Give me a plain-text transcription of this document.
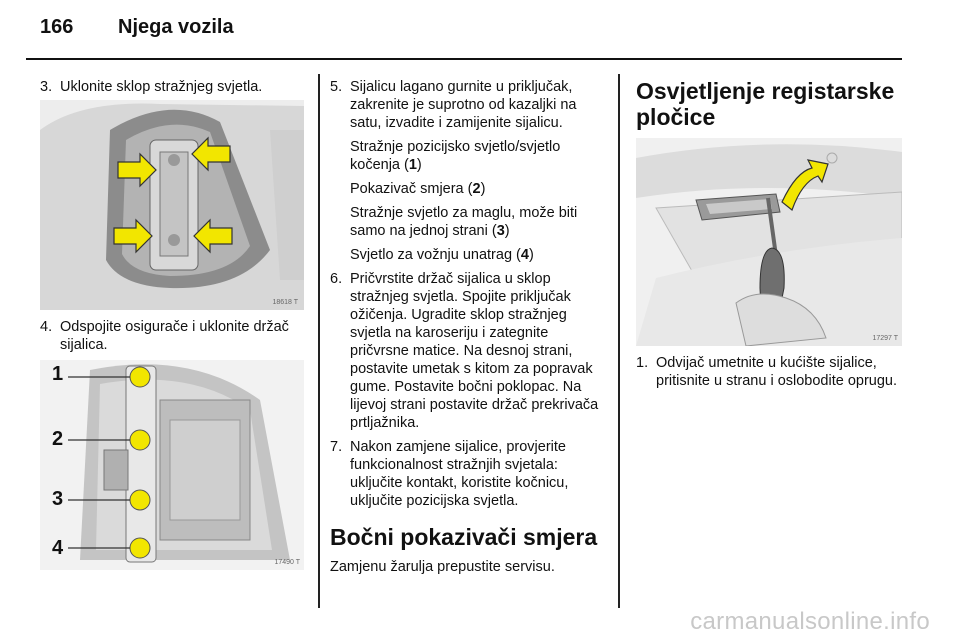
166	Njega vozila
3. Uklonite sklop stražnjeg svjetla.
18618 T
4. Odspojite osigurače i uklonite držač sijalica.
1
2
3
4
17490 T
5. Sijalicu lagano gurnite u priključak, zakrenite je suprotno od kazaljki na satu, izvadite i zamijenite sijalicu.
Stražnje pozicijsko svjetlo/svjetlo kočenja (1)
Pokazivač smjera (2)
Stražnje svjetlo za maglu, može biti samo na jednoj strani (3)
Svjetlo za vožnju unatrag (4)
6. Pričvrstite držač sijalica u sklop stražnjeg svjetla. Spojite priključak ožičenja. Ugradite sklop stražnjeg svjetla na karoseriju i zategnite pričvrsne matice. Na desnoj strani, postavite umetak s kitom za popravak gume. Postavite bočni poklopac. Na lijevoj strani postavite držač prekrivača prtljažnika.
7. Nakon zamjene sijalice, provjerite funkcionalnost stražnjih svjetala: uključite kontakt, koristite kočnicu, uključite pozicijska svjetla.
Bočni pokazivači smjera
Zamjenu žarulja prepustite servisu.
Osvjetljenje registarske pločice
17297 T
1. Odvijač umetnite u kućište sijalice, pritisnite u stranu i oslobodite oprugu.
carmanualsonline.info
